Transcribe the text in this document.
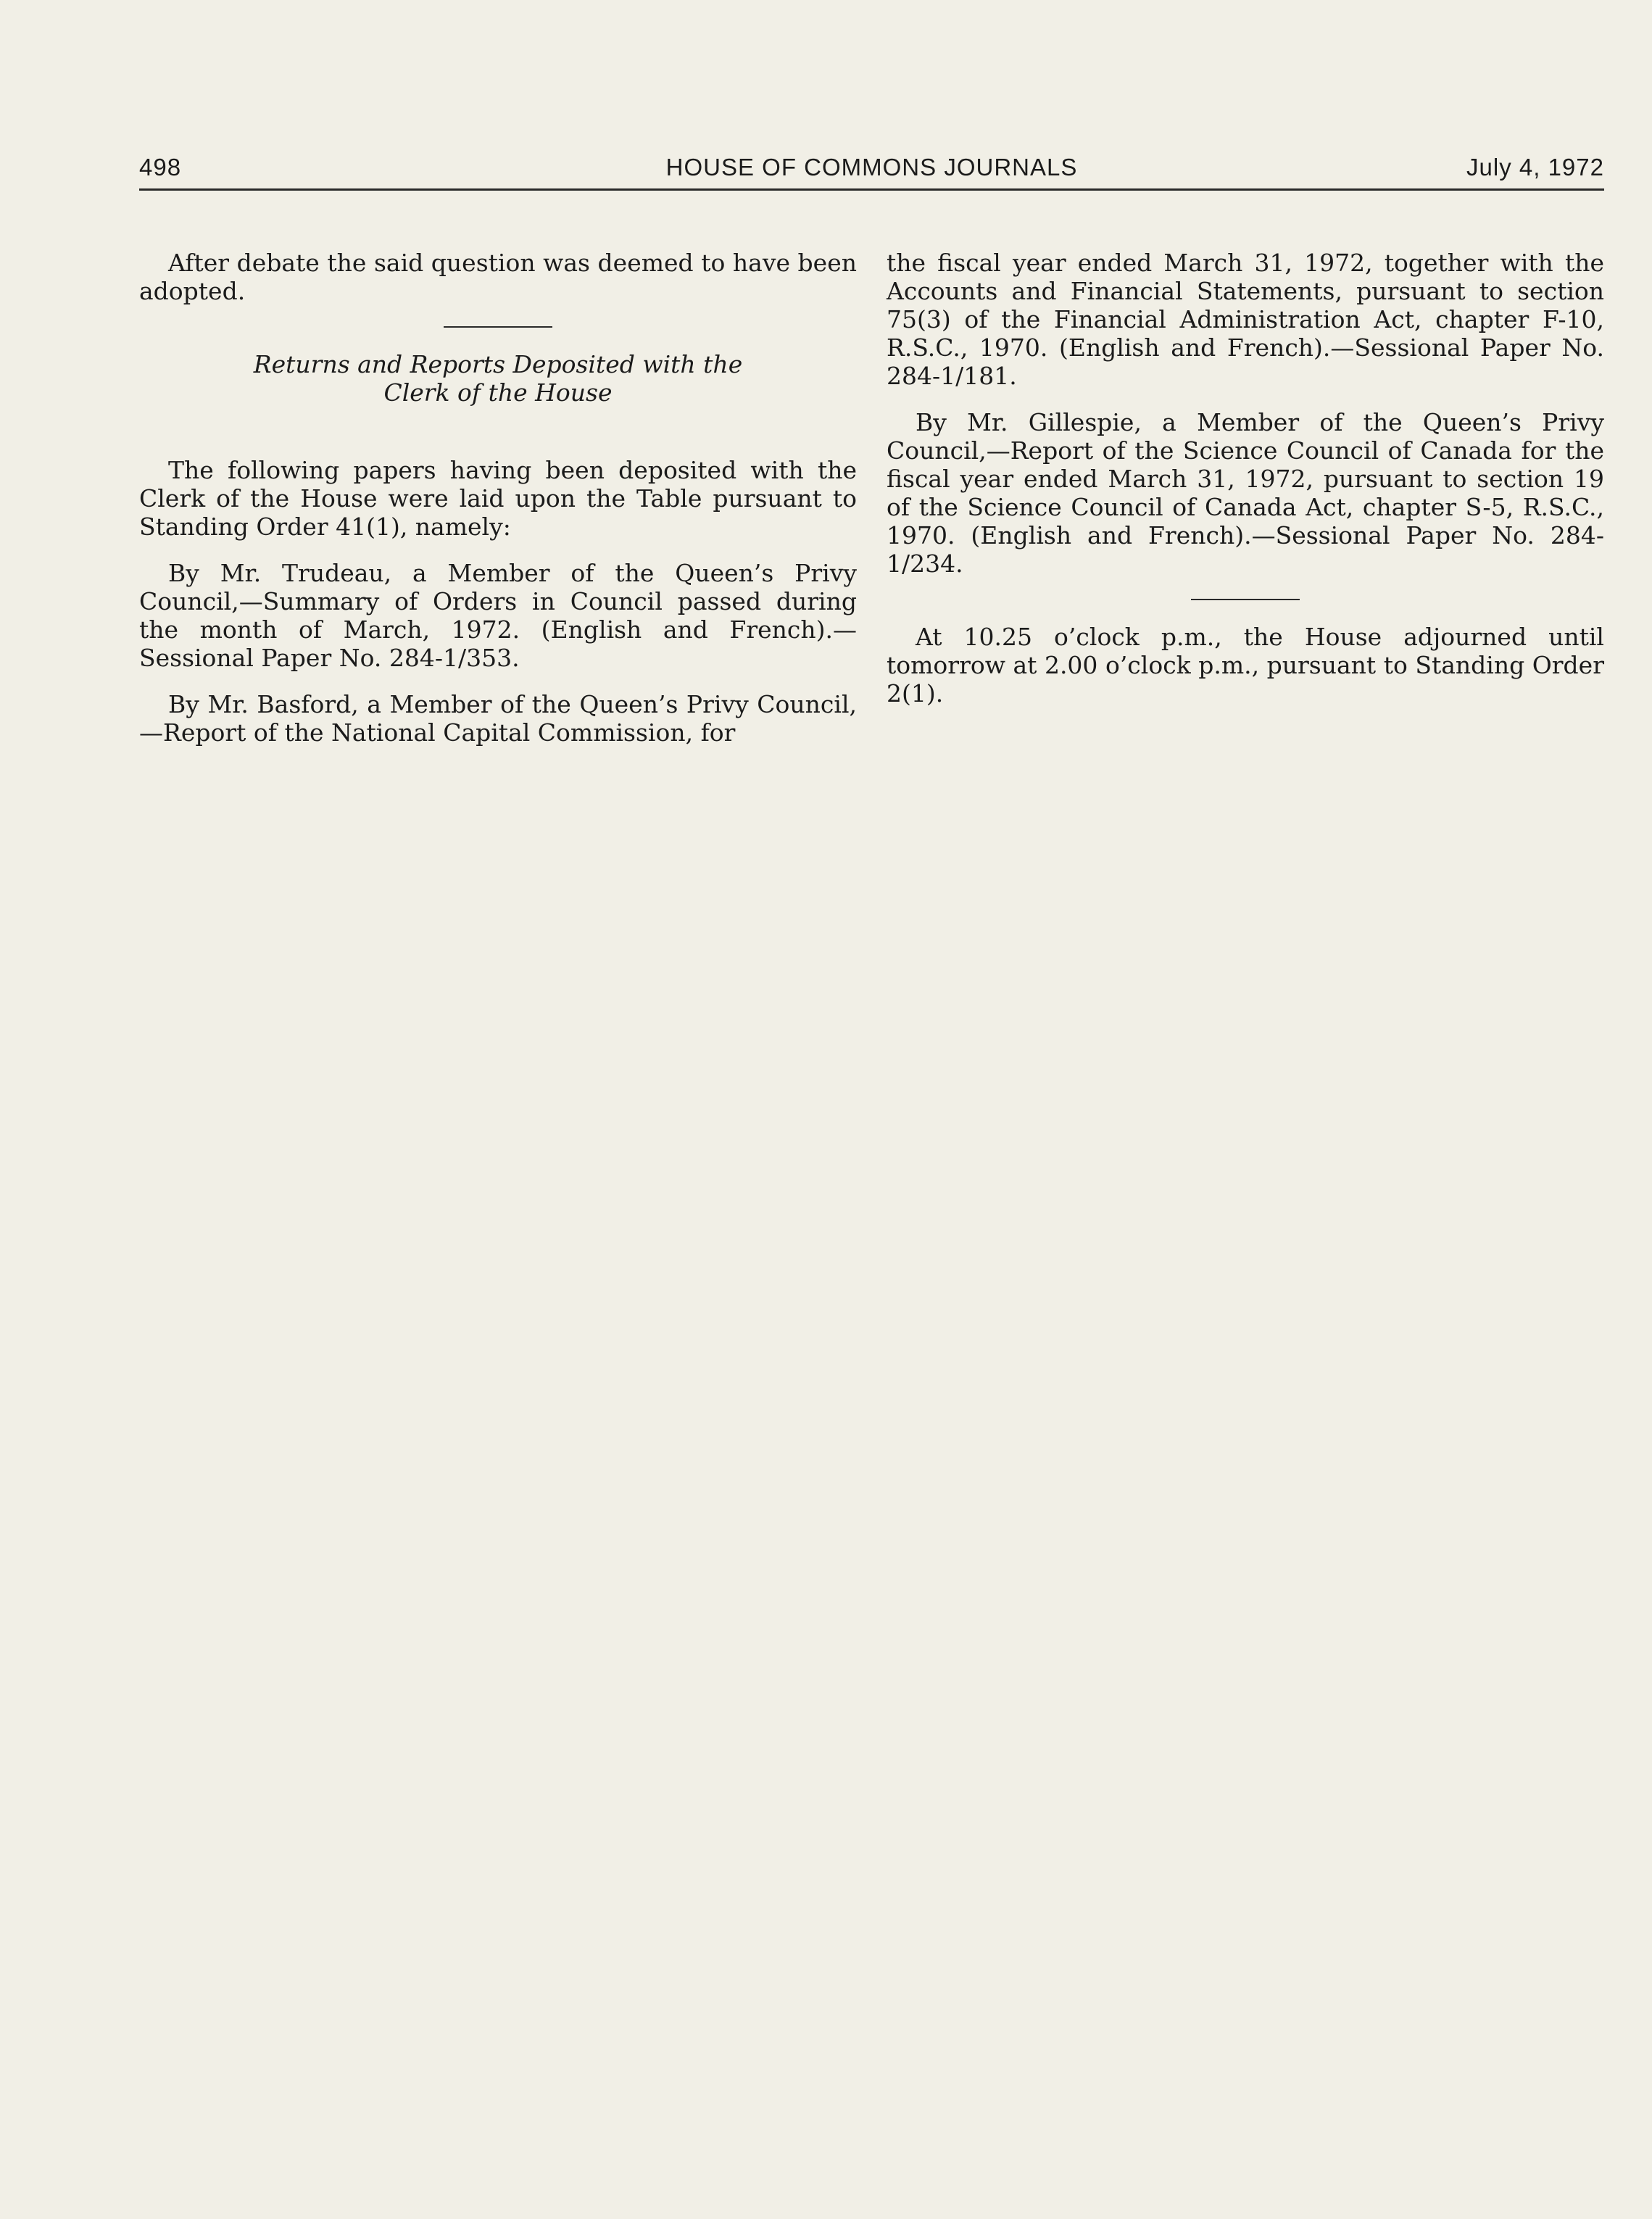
498	HOUSE OF COMMONS JOURNALS	July 4, 1972

After debate the said question was deemed to have been adopted.

Returns and Reports Deposited with the
Clerk of the House

The following papers having been deposited with the Clerk of the House were laid upon the Table pursuant to Standing Order 41(1), namely:

By Mr. Trudeau, a Member of the Queen’s Privy Council,—Summary of Orders in Council passed during the month of March, 1972. (English and French).—Sessional Paper No. 284-1/353.

By Mr. Basford, a Member of the Queen’s Privy Council,—Report of the National Capital Commission, for

the fiscal year ended March 31, 1972, together with the Accounts and Financial Statements, pursuant to section 75(3) of the Financial Administration Act, chapter F-10, R.S.C., 1970. (English and French).—Sessional Paper No. 284-1/181.

By Mr. Gillespie, a Member of the Queen’s Privy Council,—Report of the Science Council of Canada for the fiscal year ended March 31, 1972, pursuant to section 19 of the Science Council of Canada Act, chapter S-5, R.S.C., 1970. (English and French).—Sessional Paper No. 284-1/234.

At 10.25 o’clock p.m., the House adjourned until tomorrow at 2.00 o’clock p.m., pursuant to Standing Order 2(1).
